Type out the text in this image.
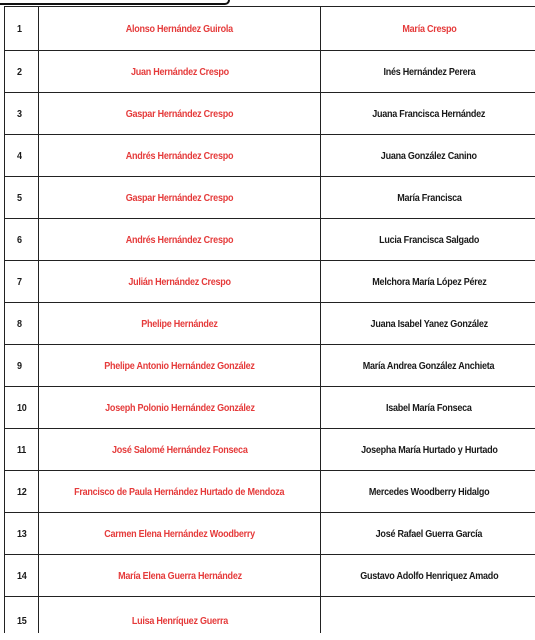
1	Alonso Hernández Guirola	María Crespo
2	Juan Hernández Crespo	Inés Hernández Perera
3	Gaspar Hernández Crespo	Juana Francisca Hernández
4	Andrés Hernández Crespo	Juana González Canino
5	Gaspar Hernández Crespo	María Francisca
6	Andrés Hernández Crespo	Lucia Francisca Salgado
7	Julián Hernández Crespo	Melchora María López Pérez
8	Phelipe Hernández	Juana Isabel Yanez González
9	Phelipe Antonio Hernández González	María Andrea González Anchieta
10	Joseph Polonio Hernández González	Isabel María Fonseca
11	José Salomé Hernández Fonseca	Josepha María Hurtado y Hurtado
12	Francisco de Paula Hernández Hurtado de Mendoza	Mercedes Woodberry Hidalgo
13	Carmen Elena Hernández Woodberry	José Rafael Guerra García
14	María Elena Guerra Hernández	Gustavo Adolfo Henriquez Amado
15	Luisa Henríquez Guerra	
